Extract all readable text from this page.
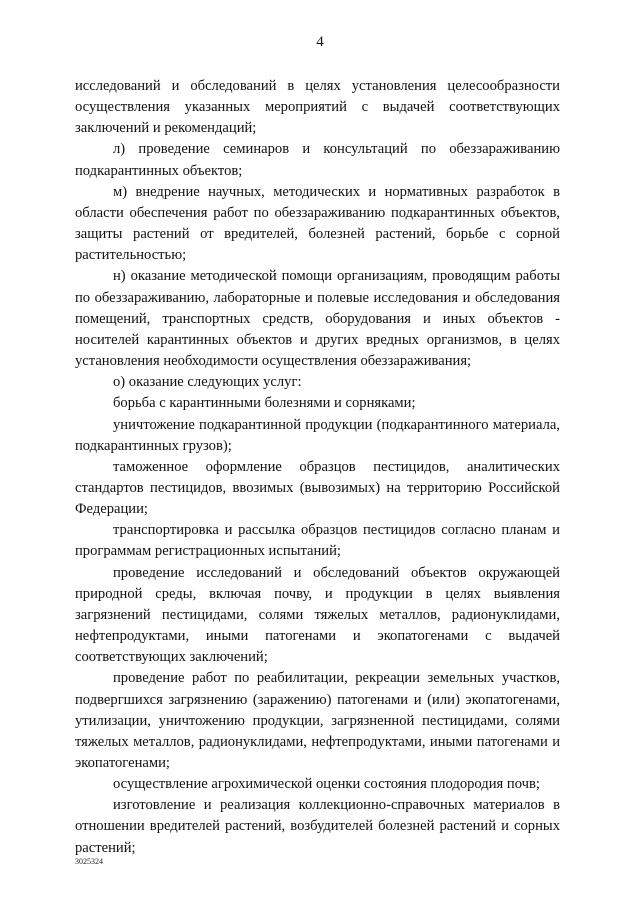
4

исследований и обследований в целях установления целесообразности осуществления указанных мероприятий с выдачей соответствующих заключений и рекомендаций;

л) проведение семинаров и консультаций по обеззараживанию подкарантинных объектов;

м) внедрение научных, методических и нормативных разработок в области обеспечения работ по обеззараживанию подкарантинных объектов, защиты растений от вредителей, болезней растений, борьбе с сорной растительностью;

н) оказание методической помощи организациям, проводящим работы по обеззараживанию, лабораторные и полевые исследования и обследования помещений, транспортных средств, оборудования и иных объектов - носителей карантинных объектов и других вредных организмов, в целях установления необходимости осуществления обеззараживания;

о) оказание следующих услуг:

борьба с карантинными болезнями и сорняками;

уничтожение подкарантинной продукции (подкарантинного материала, подкарантинных грузов);

таможенное оформление образцов пестицидов, аналитических стандартов пестицидов, ввозимых (вывозимых) на территорию Российской Федерации;

транспортировка и рассылка образцов пестицидов согласно планам и программам регистрационных испытаний;

проведение исследований и обследований объектов окружающей природной среды, включая почву, и продукции в целях выявления загрязнений пестицидами, солями тяжелых металлов, радионуклидами, нефтепродуктами, иными патогенами и экопатогенами с выдачей соответствующих заключений;

проведение работ по реабилитации, рекреации земельных участков, подвергшихся загрязнению (заражению) патогенами и (или) экопатогенами, утилизации, уничтожению продукции, загрязненной пестицидами, солями тяжелых металлов, радионуклидами, нефтепродуктами, иными патогенами и экопатогенами;

осуществление агрохимической оценки состояния плодородия почв;

изготовление и реализация коллекционно-справочных материалов в отношении вредителей растений, возбудителей болезней растений и сорных растений;

3025324
